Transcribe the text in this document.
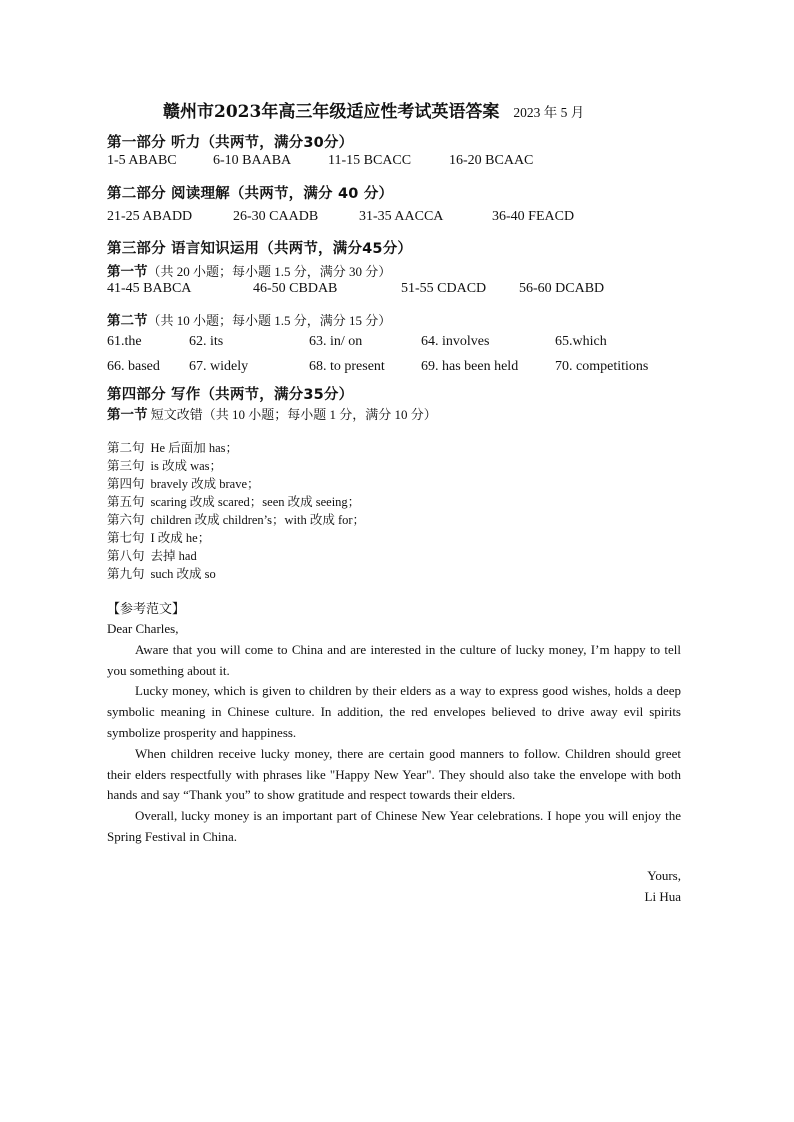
赣州市2023年高三年级适应性考试英语答案 2023 年 5 月
第一部分 听力（共两节，满分30分）
1-5 ABABC	6-10 BAABA	11-15 BCACC	16-20 BCAAC
第二部分 阅读理解（共两节，满分 40 分）
21-25 ABADD	26-30 CAADB	31-35 AACCA	36-40 FEACD
第三部分 语言知识运用（共两节，满分45分）
第一节（共 20 小题；每小题 1.5 分，满分 30 分）
41-45 BABCA	46-50 CBDAB	51-55 CDACD 56-60 DCABD
第二节（共 10 小题；每小题 1.5 分，满分 15 分）
61.the	62. its	63. in/ on	64. involves	65.which
66. based 67. widely	68. to present	69. has been held	70. competitions
第四部分 写作（共两节，满分35分）
第一节 短文改错（共 10 小题；每小题 1 分，满分 10 分）
第二句 He 后面加 has；
第三句 is 改成 was；
第四句 bravely 改成 brave；
第五句 scaring 改成 scared；seen 改成 seeing；
第六句 children 改成 children’s；with 改成 for；
第七句 I 改成 he；
第八句 去掉 had
第九句 such 改成 so
【参考范文】

Dear Charles,

Aware that you will come to China and are interested in the culture of lucky money, I’m happy to tell you something about it.

Lucky money, which is given to children by their elders as a way to express good wishes, holds a deep symbolic meaning in Chinese culture. In addition, the red envelopes believed to drive away evil spirits symbolize prosperity and happiness.

When children receive lucky money, there are certain good manners to follow. Children should greet their elders respectfully with phrases like "Happy New Year". They should also take the envelope with both hands and say “Thank you” to show gratitude and respect towards their elders.

Overall, lucky money is an important part of Chinese New Year celebrations. I hope you will enjoy the Spring Festival in China.

Yours,
Li Hua
